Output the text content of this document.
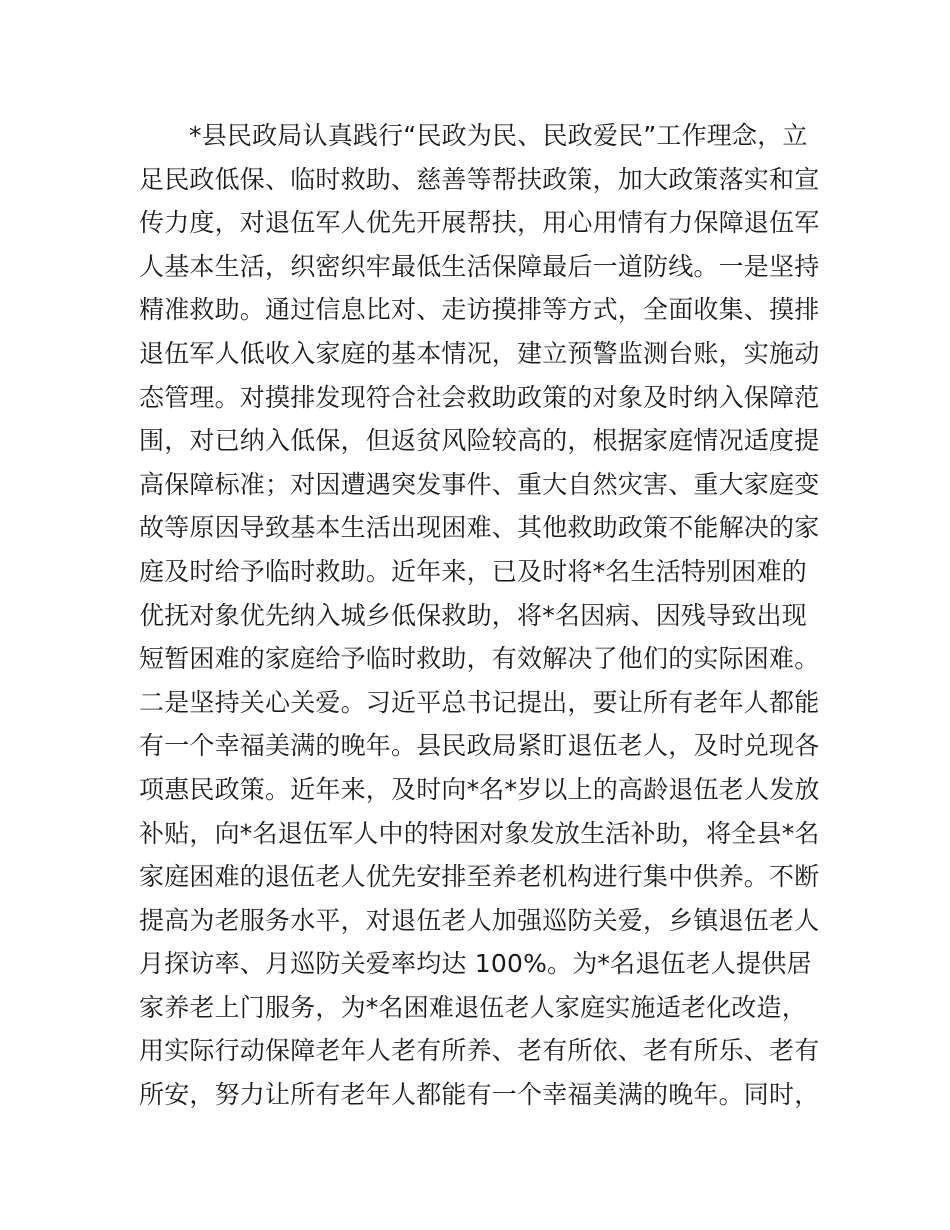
*县民政局认真践行“民政为民、民政爱民”工作理念，立
足民政低保、临时救助、慈善等帮扶政策，加大政策落实和宣
传力度，对退伍军人优先开展帮扶，用心用情有力保障退伍军
人基本生活，织密织牢最低生活保障最后一道防线。一是坚持
精准救助。通过信息比对、走访摸排等方式，全面收集、摸排
退伍军人低收入家庭的基本情况，建立预警监测台账，实施动
态管理。对摸排发现符合社会救助政策的对象及时纳入保障范
围，对已纳入低保，但返贫风险较高的，根据家庭情况适度提
高保障标准；对因遭遇突发事件、重大自然灾害、重大家庭变
故等原因导致基本生活出现困难、其他救助政策不能解决的家
庭及时给予临时救助。近年来，已及时将*名生活特别困难的
优抚对象优先纳入城乡低保救助，将*名因病、因残导致出现
短暂困难的家庭给予临时救助，有效解决了他们的实际困难。
二是坚持关心关爱。习近平总书记提出，要让所有老年人都能
有一个幸福美满的晚年。县民政局紧盯退伍老人，及时兑现各
项惠民政策。近年来，及时向*名*岁以上的高龄退伍老人发放
补贴，向*名退伍军人中的特困对象发放生活补助，将全县*名
家庭困难的退伍老人优先安排至养老机构进行集中供养。不断
提高为老服务水平，对退伍老人加强巡防关爱，乡镇退伍老人
月探访率、月巡防关爱率均达 100%。为*名退伍老人提供居
家养老上门服务，为*名困难退伍老人家庭实施适老化改造，
用实际行动保障老年人老有所养、老有所依、老有所乐、老有
所安，努力让所有老年人都能有一个幸福美满的晚年。同时，
